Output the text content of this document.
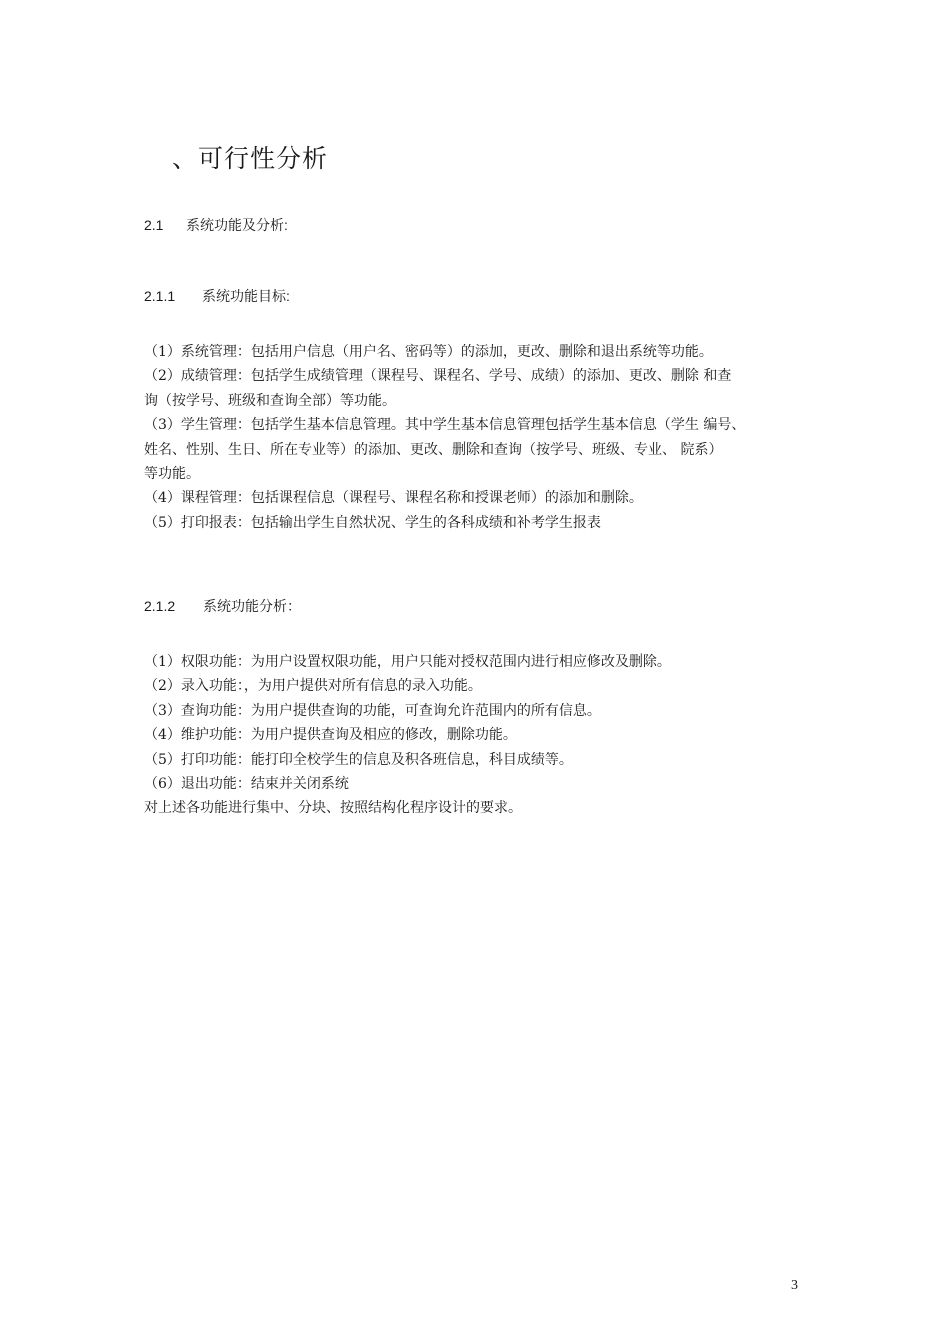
、可行性分析
2.1 系统功能及分析:
2.1.1 系统功能目标:

（1）系统管理：包括用户信息（用户名、密码等）的添加，更改、删除和退出系统等功能。

（2）成绩管理：包括学生成绩管理（课程号、课程名、学号、成绩）的添加、更改、删除 和查

询（按学号、班级和查询全部）等功能。

（3）学生管理：包括学生基本信息管理。其中学生基本信息管理包括学生基本信息（学生 编号、

姓名、性别、生日、所在专业等）的添加、更改、删除和查询（按学号、班级、专业、 院系）

等功能。

（4）课程管理：包括课程信息（课程号、课程名称和授课老师）的添加和删除。

（5）打印报表：包括输出学生自然状况、学生的各科成绩和补考学生报表

2.1.2 系统功能分析：

（1）权限功能：为用户设置权限功能，用户只能对授权范围内进行相应修改及删除。

（2）录入功能：，为用户提供对所有信息的录入功能。

（3）查询功能：为用户提供查询的功能，可查询允许范围内的所有信息。

（4）维护功能：为用户提供查询及相应的修改，删除功能。

（5）打印功能：能打印全校学生的信息及积各班信息，科目成绩等。

（6）退出功能：结束并关闭系统

对上述各功能进行集中、分块、按照结构化程序设计的要求。

3
